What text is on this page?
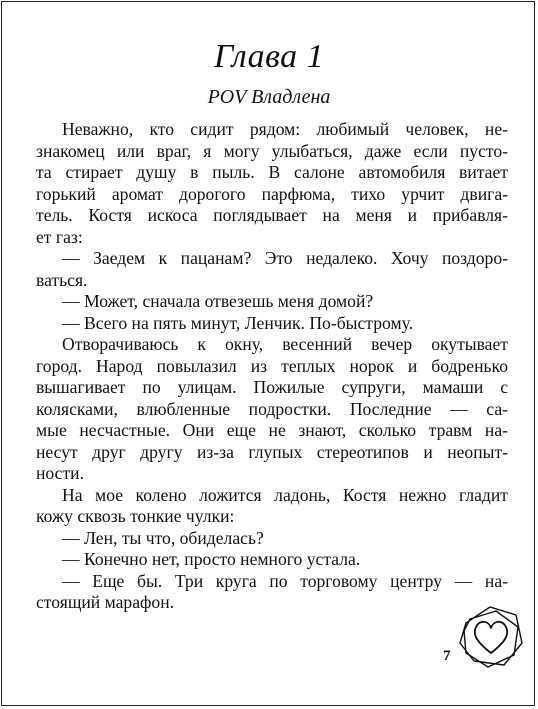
Глава 1
POV Владлена
Неважно, кто сидит рядом: любимый человек, не-
знакомец или враг, я могу улыбаться, даже если пусто-
та стирает душу в пыль. В салоне автомобиля витает
горький аромат дорогого парфюма, тихо урчит двига-
тель. Костя искоса поглядывает на меня и прибавля-
ет газ:
— Заедем к пацанам? Это недалеко. Хочу поздоро-
ваться.
— Может, сначала отвезешь меня домой?
— Всего на пять минут, Ленчик. По-быстрому.
Отворачиваюсь к окну, весенний вечер окутывает
город. Народ повылазил из теплых норок и бодренько
вышагивает по улицам. Пожилые супруги, мамаши с
колясками, влюбленные подростки. Последние — са-
мые несчастные. Они еще не знают, сколько травм на-
несут друг другу из-за глупых стереотипов и неопыт-
ности.
На мое колено ложится ладонь, Костя нежно гладит
кожу сквозь тонкие чулки:
— Лен, ты что, обиделась?
— Конечно нет, просто немного устала.
— Еще бы. Три круга по торговому центру — на-
стоящий марафон.
7
